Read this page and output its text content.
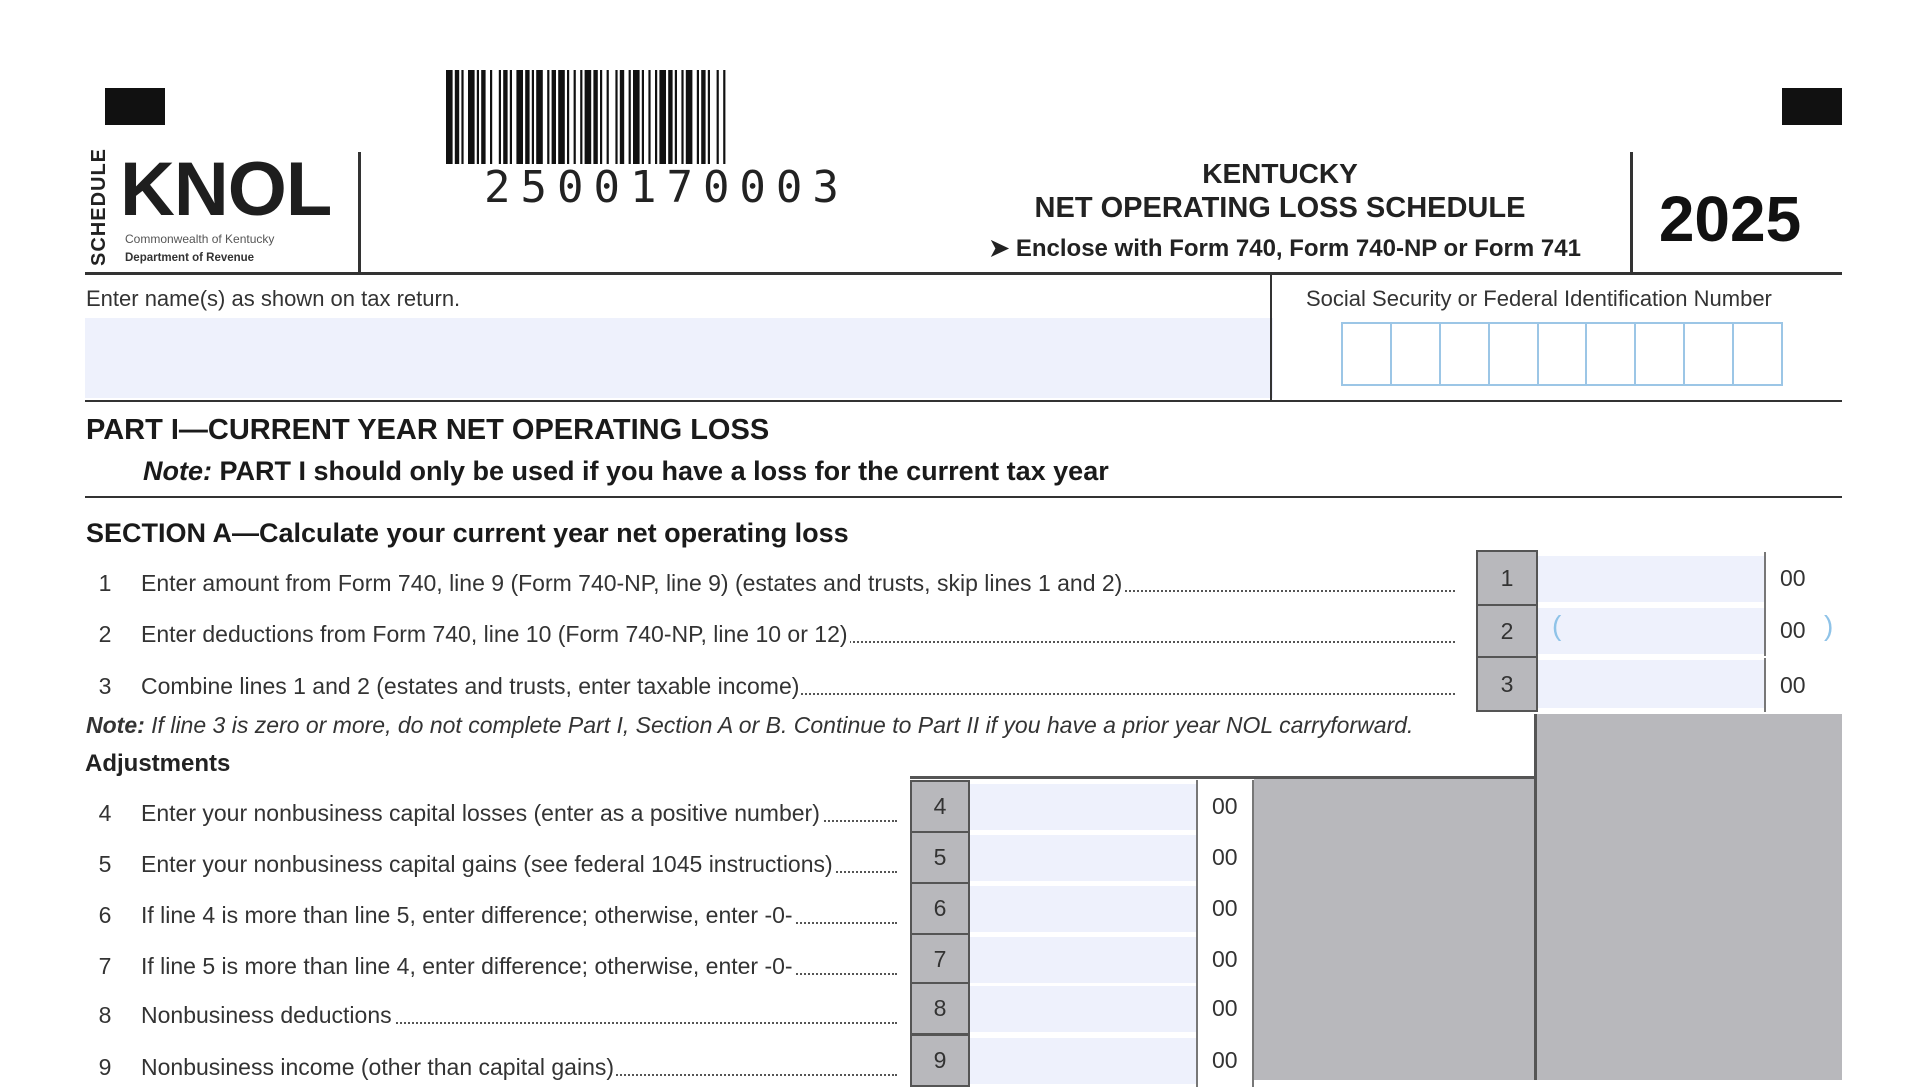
SCHEDULE KNOL
Commonwealth of Kentucky
Department of Revenue
2500170003	KENTUCKY
NET OPERATING LOSS SCHEDULE
➤ Enclose with Form 740, Form 740-NP or Form 741	2025
Enter name(s) as shown on tax return.	Social Security or Federal Identification Number
PART I—CURRENT YEAR NET OPERATING LOSS
Note: PART I should only be used if you have a loss for the current tax year
SECTION A—Calculate your current year net operating loss
1	Enter amount from Form 740, line 9 (Form 740-NP, line 9) (estates and trusts, skip lines 1 and 2)	1	00
2	Enter deductions from Form 740, line 10 (Form 740-NP, line 10 or 12)	2	(	00 )
3	Combine lines 1 and 2 (estates and trusts, enter taxable income)	3	00
Note: If line 3 is zero or more, do not complete Part I, Section A or B. Continue to Part II if you have a prior year NOL carryforward.
Adjustments
4	Enter your nonbusiness capital losses (enter as a positive number)	4	00
5	Enter your nonbusiness capital gains (see federal 1045 instructions)	5	00
6	If line 4 is more than line 5, enter difference; otherwise, enter -0-	6	00
7	If line 5 is more than line 4, enter difference; otherwise, enter -0-	7	00
8	Nonbusiness deductions	8	00
9	Nonbusiness income (other than capital gains)	9	00
